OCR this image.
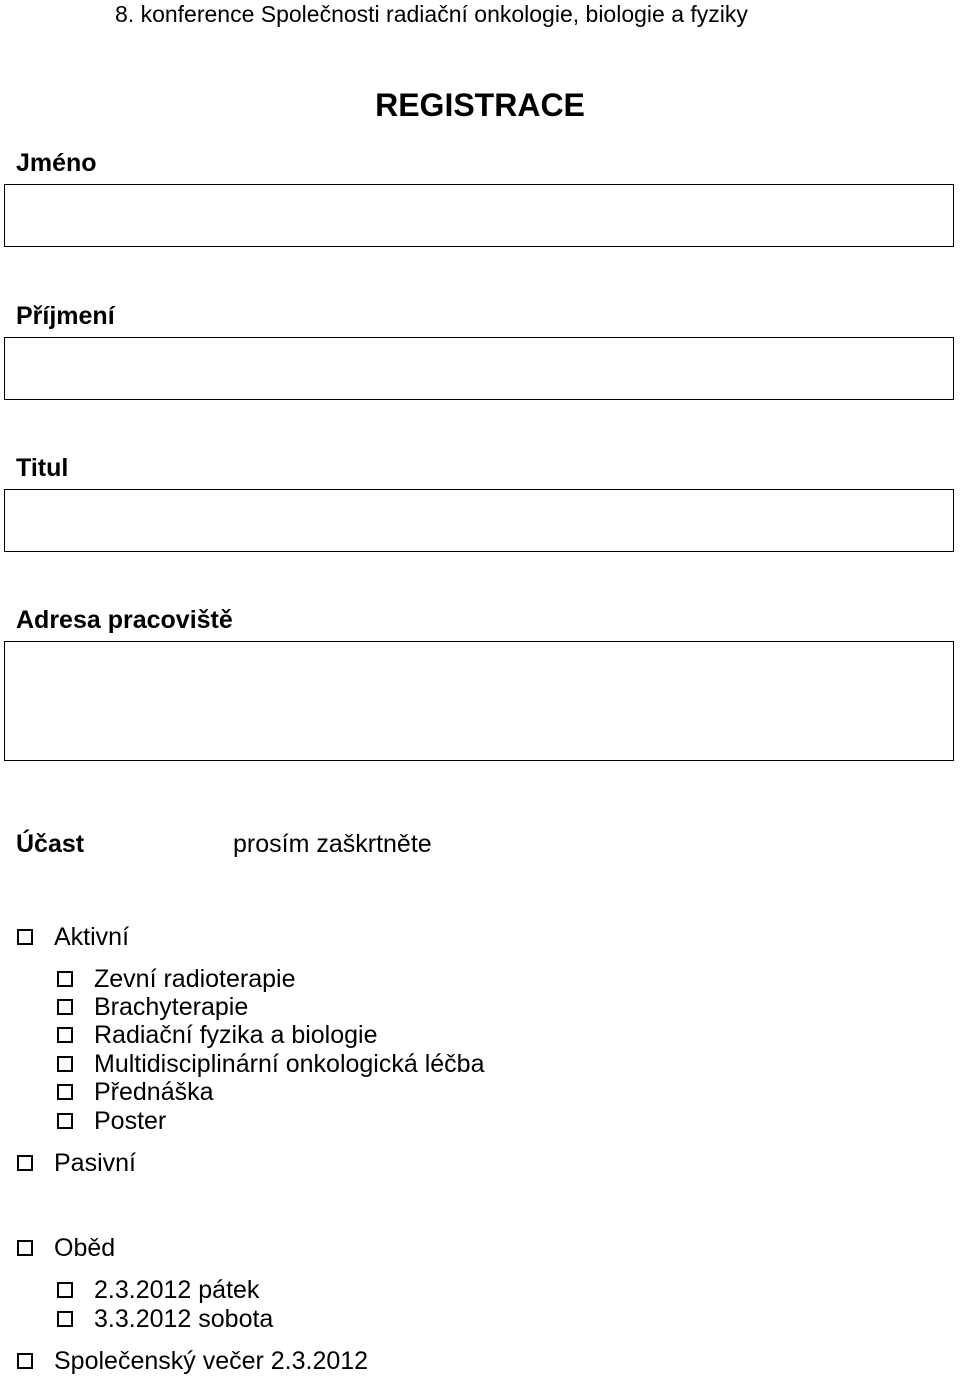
8. konference Společnosti radiační onkologie, biologie a fyziky
REGISTRACE
Jméno
Příjmení
Titul
Adresa pracoviště
Účast	prosím zaškrtněte
Aktivní
Zevní radioterapie
Brachyterapie
Radiační fyzika a biologie
Multidisciplinární onkologická léčba
Přednáška
Poster
Pasivní
Oběd
2.3.2012 pátek
3.3.2012 sobota
Společenský večer 2.3.2012
